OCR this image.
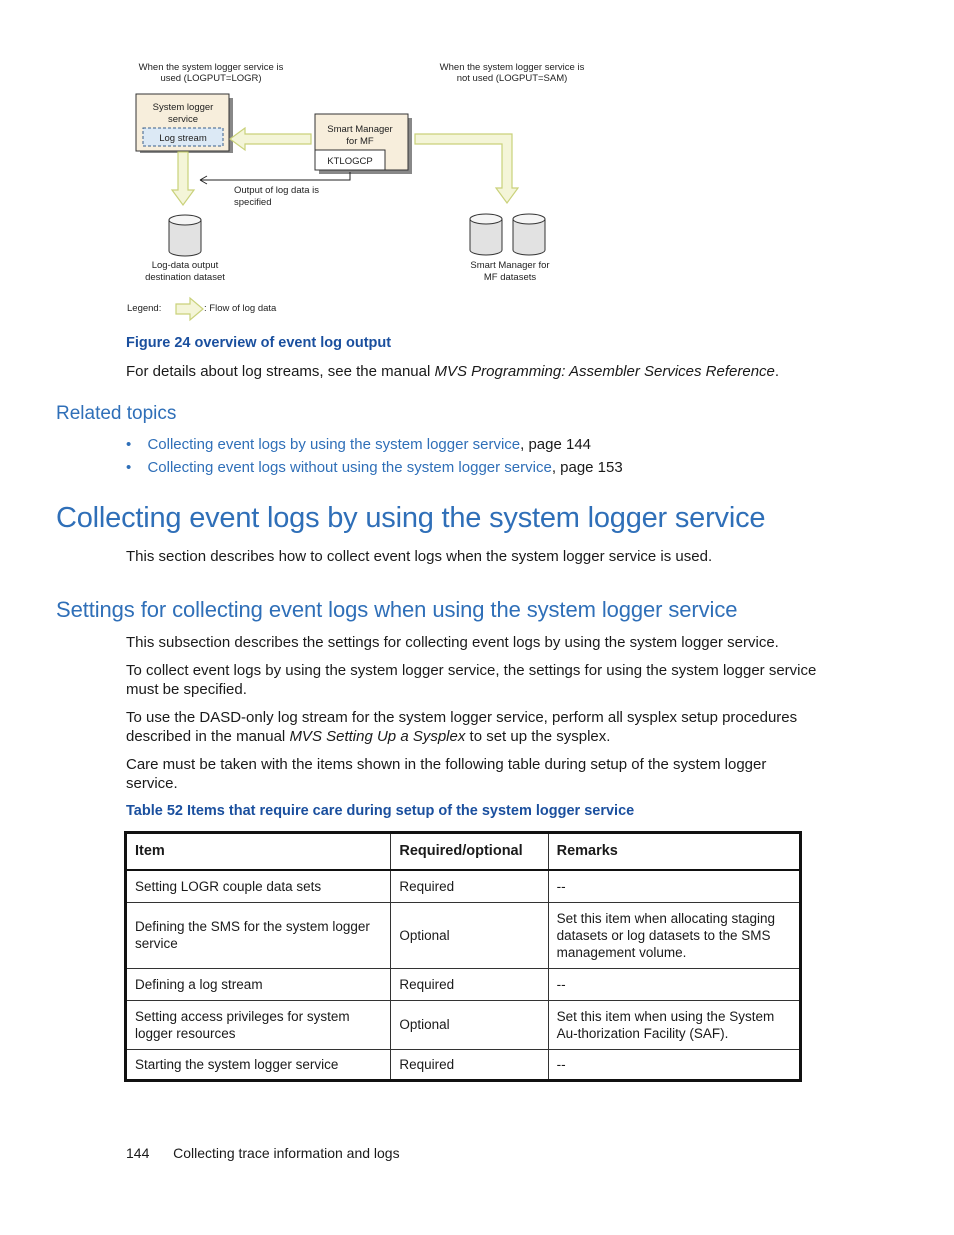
When the system logger service is
used (LOGPUT=LOGR)
When the system logger service is
not used (LOGPUT=SAM)
System logger
service
Log stream
Smart Manager
for MF
KTLOGCP
Output of log data is
specified
Log-data output
destination dataset
Smart Manager for
MF datasets
Legend:	: Flow of log data
Figure 24 overview of event log output
For details about log streams, see the manual MVS Programming: Assembler Services Reference.
Related topics
• Collecting event logs by using the system logger service, page 144
• Collecting event logs without using the system logger service, page 153
Collecting event logs by using the system logger service
This section describes how to collect event logs when the system logger service is used.
Settings for collecting event logs when using the system logger service
This subsection describes the settings for collecting event logs by using the system logger service.
To collect event logs by using the system logger service, the settings for using the system logger service
must be specified.
To use the DASD-only log stream for the system logger service, perform all sysplex setup procedures
described in the manual MVS Setting Up a Sysplex to set up the sysplex.
Care must be taken with the items shown in the following table during setup of the system logger
service.
Table 52 Items that require care during setup of the system logger service
Item	Required/optional	Remarks
Setting LOGR couple data sets	Required	--
Defining the SMS for the system logger service	Optional	Set this item when allocating staging datasets or log datasets to the SMS management volume.
Defining a log stream	Required	--
Setting access privileges for system logger resources	Optional	Set this item when using the System Au-thorization Facility (SAF).
Starting the system logger service	Required	--
144 Collecting trace information and logs
